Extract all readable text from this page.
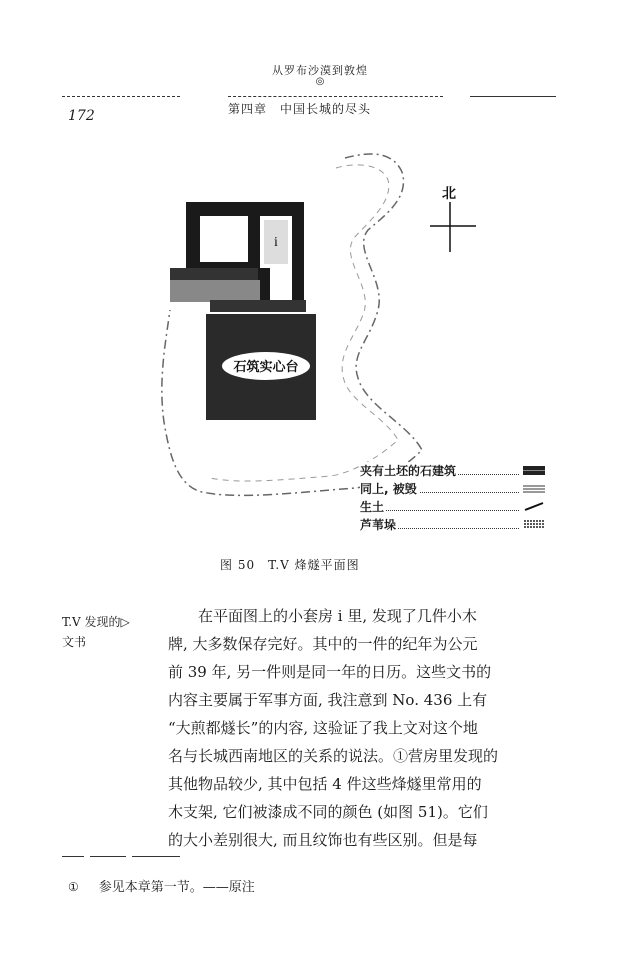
从罗布沙漠到敦煌
◎
第四章　中国长城的尽头
172
i
石筑实心台
北
夹有土坯的石建筑
同上, 被毁
生土
芦苇垛
图 50　T.V 烽燧平面图
T.V 发现的▷
文书
在平面图上的小套房 i 里, 发现了几件小木
牌, 大多数保存完好。其中的一件的纪年为公元
前 39 年, 另一件则是同一年的日历。这些文书的
内容主要属于军事方面, 我注意到 No. 436 上有
“大煎都燧长”的内容, 这验证了我上文对这个地
名与长城西南地区的关系的说法。①营房里发现的
其他物品较少, 其中包括 4 件这些烽燧里常用的
木支架, 它们被漆成不同的颜色 (如图 51)。它们
的大小差别很大, 而且纹饰也有些区别。但是每
① 参见本章第一节。——原注
